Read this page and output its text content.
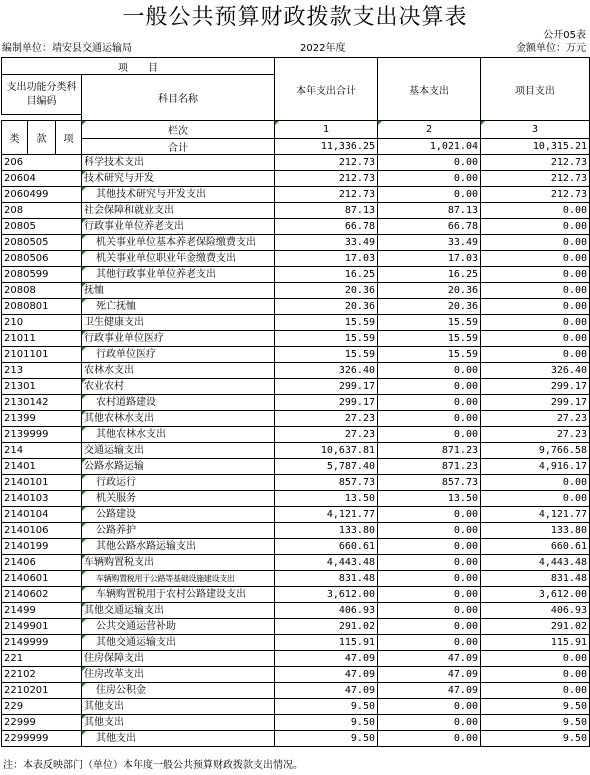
一般公共预算财政拨款支出决算表
公开05表
编制单位：靖安县交通运输局	2022年度	金额单位：万元
项　　目				本年支出合计	基本支出	项目支出
支出功能分类科目编码			科目名称			

类	款	项	栏次	1	2	3
			合计	11,336.25	1,021.04	10,315.21
206			科学技术支出	212.73	0.00	212.73
20604			技术研究与开发	212.73	0.00	212.73
2060499			其他技术研究与开发支出	212.73	0.00	212.73
208			社会保障和就业支出	87.13	87.13	0.00
20805			行政事业单位养老支出	66.78	66.78	0.00
2080505			机关事业单位基本养老保险缴费支出	33.49	33.49	0.00
2080506			机关事业单位职业年金缴费支出	17.03	17.03	0.00
2080599			其他行政事业单位养老支出	16.25	16.25	0.00
20808			抚恤	20.36	20.36	0.00
2080801			死亡抚恤	20.36	20.36	0.00
210			卫生健康支出	15.59	15.59	0.00
21011			行政事业单位医疗	15.59	15.59	0.00
2101101			行政单位医疗	15.59	15.59	0.00
213			农林水支出	326.40	0.00	326.40
21301			农业农村	299.17	0.00	299.17
2130142			农村道路建设	299.17	0.00	299.17
21399			其他农林水支出	27.23	0.00	27.23
2139999			其他农林水支出	27.23	0.00	27.23
214			交通运输支出	10,637.81	871.23	9,766.58
21401			公路水路运输	5,787.40	871.23	4,916.17
2140101			行政运行	857.73	857.73	0.00
2140103			机关服务	13.50	13.50	0.00
2140104			公路建设	4,121.77	0.00	4,121.77
2140106			公路养护	133.80	0.00	133.80
2140199			其他公路水路运输支出	660.61	0.00	660.61
21406			车辆购置税支出	4,443.48	0.00	4,443.48
2140601			车辆购置税用于公路等基础设施建设支出	831.48	0.00	831.48
2140602			车辆购置税用于农村公路建设支出	3,612.00	0.00	3,612.00
21499			其他交通运输支出	406.93	0.00	406.93
2149901			公共交通运营补助	291.02	0.00	291.02
2149999			其他交通运输支出	115.91	0.00	115.91
221			住房保障支出	47.09	47.09	0.00
22102			住房改革支出	47.09	47.09	0.00
2210201			住房公积金	47.09	47.09	0.00
229			其他支出	9.50	0.00	9.50
22999			其他支出	9.50	0.00	9.50
2299999			其他支出	9.50	0.00	9.50
注：本表反映部门（单位）本年度一般公共预算财政拨款支出情况。
